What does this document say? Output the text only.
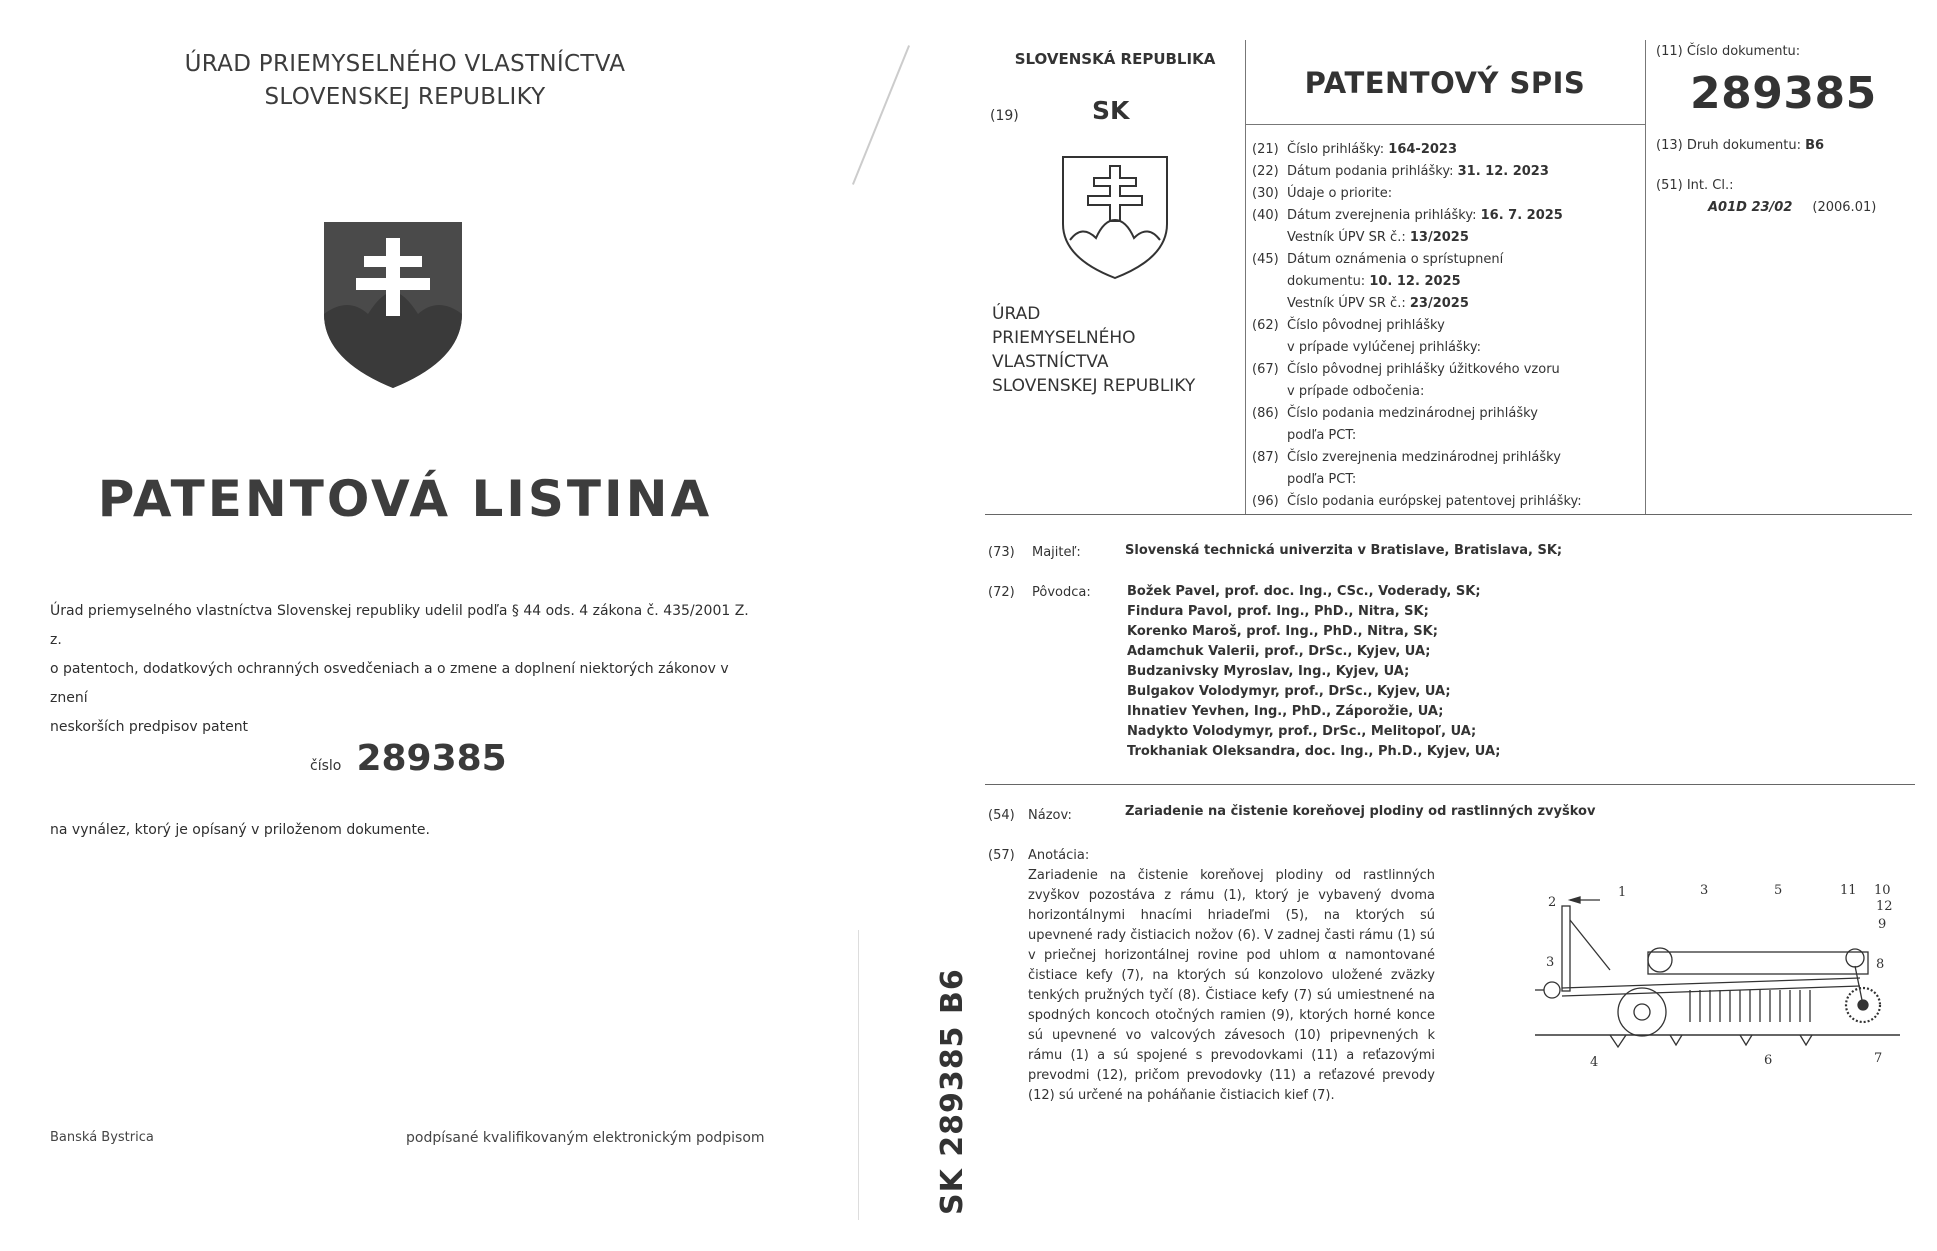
ÚRAD PRIEMYSELNÉHO VLASTNÍCTVA
SLOVENSKEJ REPUBLIKY
PATENTOVÁ LISTINA
Úrad priemyselného vlastníctva Slovenskej republiky udelil podľa § 44 ods. 4 zákona č. 435/2001 Z. z.
o patentoch, dodatkových ochranných osvedčeniach a o zmene a doplnení niektorých zákonov v znení
neskorších predpisov patent
číslo 289385
na vynález, ktorý je opísaný v priloženom dokumente.
Banská Bystrica	podpísané kvalifikovaným elektronickým podpisom	SK 289385 B6
SLOVENSKÁ REPUBLIKA
(19)	SK
ÚRAD
PRIEMYSELNÉHO
VLASTNÍCTVA
SLOVENSKEJ REPUBLIKY
PATENTOVÝ SPIS
(21) Číslo prihlášky: 164-2023
(22) Dátum podania prihlášky: 31. 12. 2023
(30) Údaje o priorite:
(40) Dátum zverejnenia prihlášky: 16. 7. 2025
Vestník ÚPV SR č.: 13/2025
(45) Dátum oznámenia o sprístupnení
dokumentu: 10. 12. 2025
Vestník ÚPV SR č.: 23/2025
(62) Číslo pôvodnej prihlášky
v prípade vylúčenej prihlášky:
(67) Číslo pôvodnej prihlášky úžitkového vzoru
v prípade odbočenia:
(86) Číslo podania medzinárodnej prihlášky
podľa PCT:
(87) Číslo zverejnenia medzinárodnej prihlášky
podľa PCT:
(96) Číslo podania európskej patentovej prihlášky:
(11) Číslo dokumentu:
289385
(13) Druh dokumentu: B6
(51) Int. Cl.:
A01D 23/02 (2006.01)
(73) Majiteľ:	Slovenská technická univerzita v Bratislave, Bratislava, SK;
(72) Pôvodca:	Božek Pavel, prof. doc. Ing., CSc., Voderady, SK;
Findura Pavol, prof. Ing., PhD., Nitra, SK;
Korenko Maroš, prof. Ing., PhD., Nitra, SK;
Adamchuk Valerii, prof., DrSc., Kyjev, UA;
Budzanivsky Myroslav, Ing., Kyjev, UA;
Bulgakov Volodymyr, prof., DrSc., Kyjev, UA;
Ihnatiev Yevhen, Ing., PhD., Záporožie, UA;
Nadykto Volodymyr, prof., DrSc., Melitopoľ, UA;
Trokhaniak Oleksandra, doc. Ing., Ph.D., Kyjev, UA;
(54) Názov:	Zariadenie na čistenie koreňovej plodiny od rastlinných zvyškov
(57) Anotácia:
Zariadenie na čistenie koreňovej plodiny od rastlinných zvyškov pozostáva z rámu (1), ktorý je vybavený dvoma horizontálnymi hnacími hriadeľmi (5), na ktorých sú upevnené rady čistiacich nožov (6). V zadnej časti rámu (1) sú v priečnej horizontálnej rovine pod uhlom α namontované čistiace kefy (7), na ktorých sú konzolovo uložené zväzky tenkých pružných tyčí (8). Čistiace kefy (7) sú umiestnené na spodných koncoch otočných ramien (9), ktorých horné konce sú upevnené vo valcových závesoch (10) pripevnených k rámu (1) a sú spojené s prevodovkami (11) a reťazovými prevodmi (12), pričom prevodovky (11) a reťazové prevody (12) sú určené na poháňanie čistiacich kief (7).
1
2
3
3
4
5
6	7
8
9
10
11
12
